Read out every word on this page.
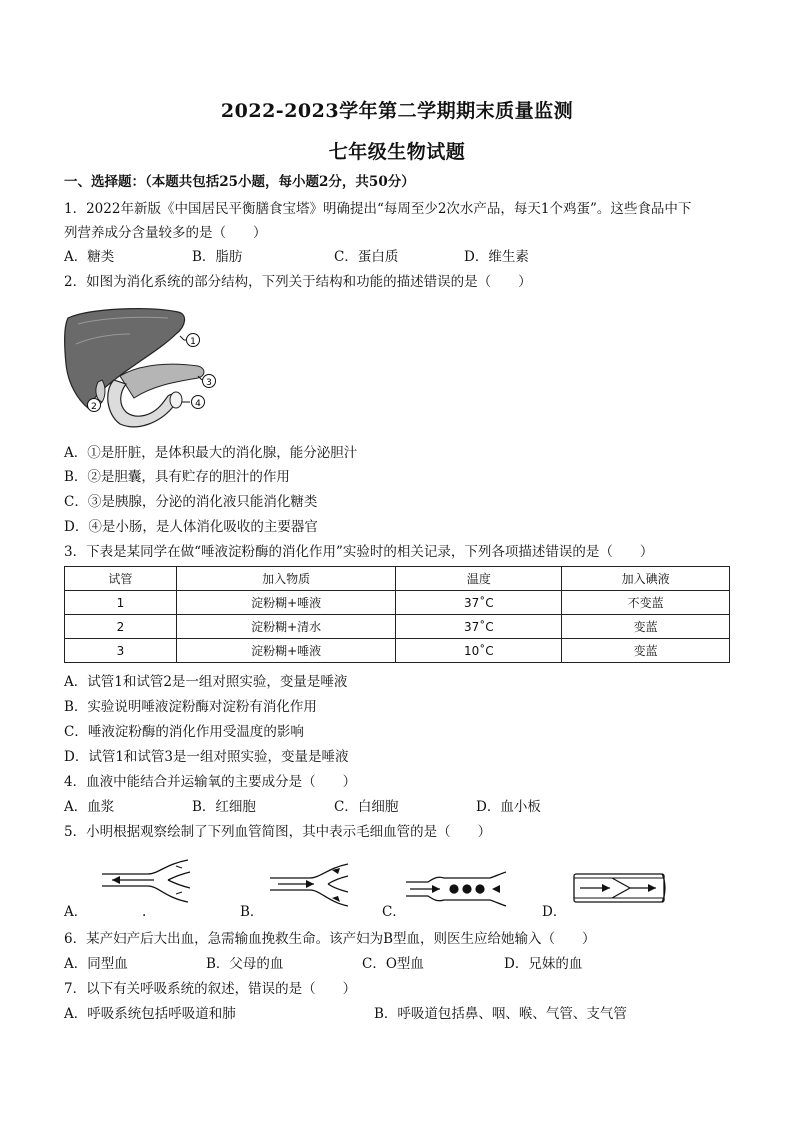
2022-2023学年第二学期期末质量监测
七年级生物试题
一、选择题：（本题共包括25小题，每小题2分，共50分）
1．2022年新版《中国居民平衡膳食宝塔》明确提出“每周至少2次水产品，每天1个鸡蛋”。这些食品中下
列营养成分含量较多的是（　　）
A．糖类	B．脂肪	C．蛋白质	D．维生素
2．如图为消化系统的部分结构，下列关于结构和功能的描述错误的是（　　）
1
2
3
4
A．①是肝脏，是体积最大的消化腺，能分泌胆汁
B．②是胆囊，具有贮存的胆汁的作用
C．③是胰腺，分泌的消化液只能消化糖类
D．④是小肠，是人体消化吸收的主要器官
3．下表是某同学在做“唾液淀粉酶的消化作用”实验时的相关记录，下列各项描述错误的是（　　）
试管	加入物质	温度	加入碘液
1	淀粉糊+唾液	37˚C	不变蓝
2	淀粉糊+清水	37˚C	变蓝
3	淀粉糊+唾液	10˚C	变蓝
A．试管1和试管2是一组对照实验，变量是唾液
B．实验说明唾液淀粉酶对淀粉有消化作用
C．唾液淀粉酶的消化作用受温度的影响
D．试管1和试管3是一组对照实验，变量是唾液
4．血液中能结合并运输氧的主要成分是（　　）
A．血浆	B．红细胞	C．白细胞	D．血小板
5．小明根据观察绘制了下列血管简图，其中表示毛细血管的是（　　）
A．	.	B．	C．	D．
6．某产妇产后大出血，急需输血挽救生命。该产妇为B型血，则医生应给她输入（　　）
A．同型血	B．父母的血	C．O型血	D．兄妹的血
7．以下有关呼吸系统的叙述，错误的是（　　）
A．呼吸系统包括呼吸道和肺	B．呼吸道包括鼻、咽、喉、气管、支气管
